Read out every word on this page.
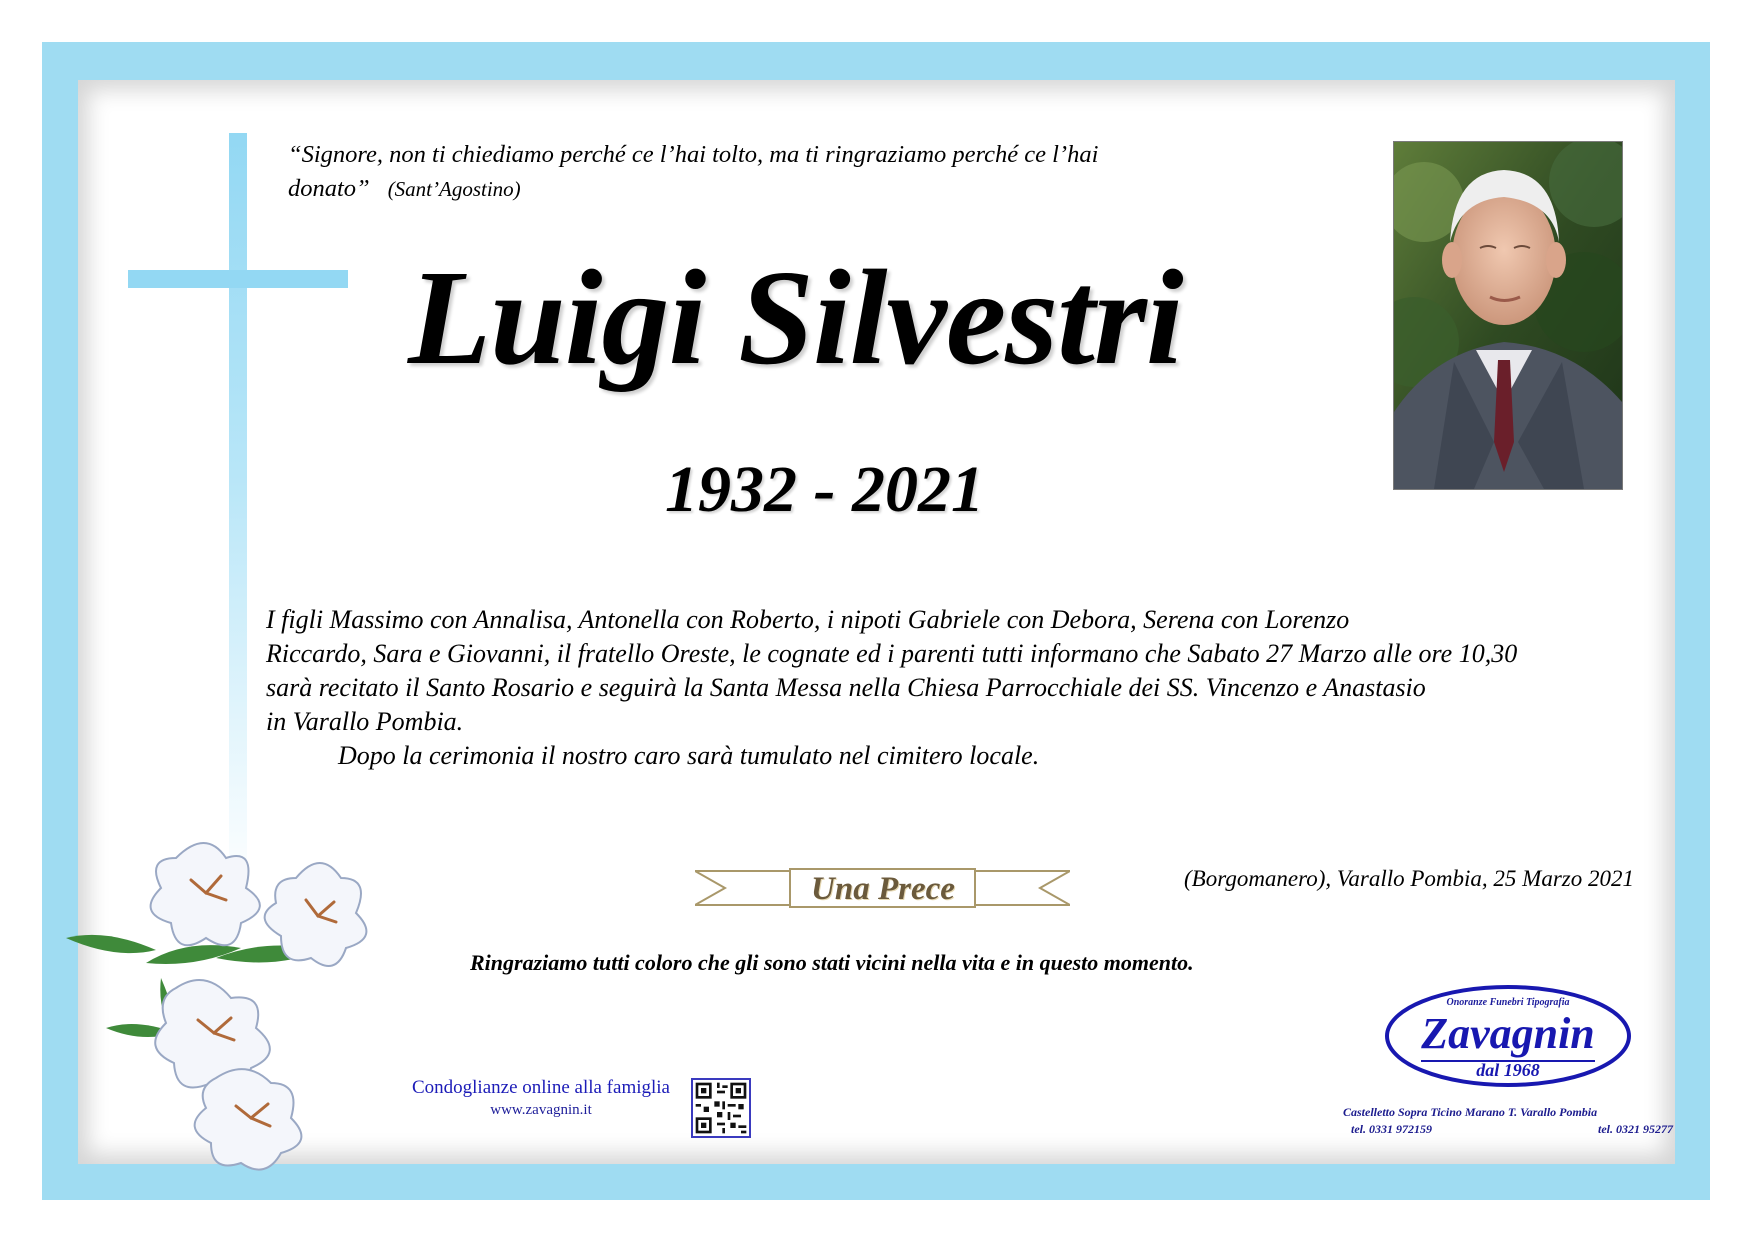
“Signore, non ti chiediamo perché ce l’hai tolto, ma ti ringraziamo perché ce l’hai
donato” (Sant’Agostino)
Luigi Silvestri
1932 - 2021
I figli Massimo con Annalisa, Antonella con Roberto, i nipoti Gabriele con Debora, Serena con Lorenzo
Riccardo, Sara e Giovanni, il fratello Oreste, le cognate ed i parenti tutti informano che Sabato 27 Marzo alle ore 10,30
sarà recitato il Santo Rosario e seguirà la Santa Messa nella Chiesa Parrocchiale dei SS. Vincenzo e Anastasio
in Varallo Pombia.
Dopo la cerimonia il nostro caro sarà tumulato nel cimitero locale.
Una Prece	(Borgomanero), Varallo Pombia, 25 Marzo 2021
Ringraziamo tutti coloro che gli sono stati vicini nella vita e in questo momento.
Condoglianze online alla famiglia
www.zavagnin.it
Onoranze Funebri Tipografia
Zavagnin
dal 1968
Castelletto Sopra Ticino Marano T. Varallo Pombia
tel. 0331 972159	tel. 0321 95277
